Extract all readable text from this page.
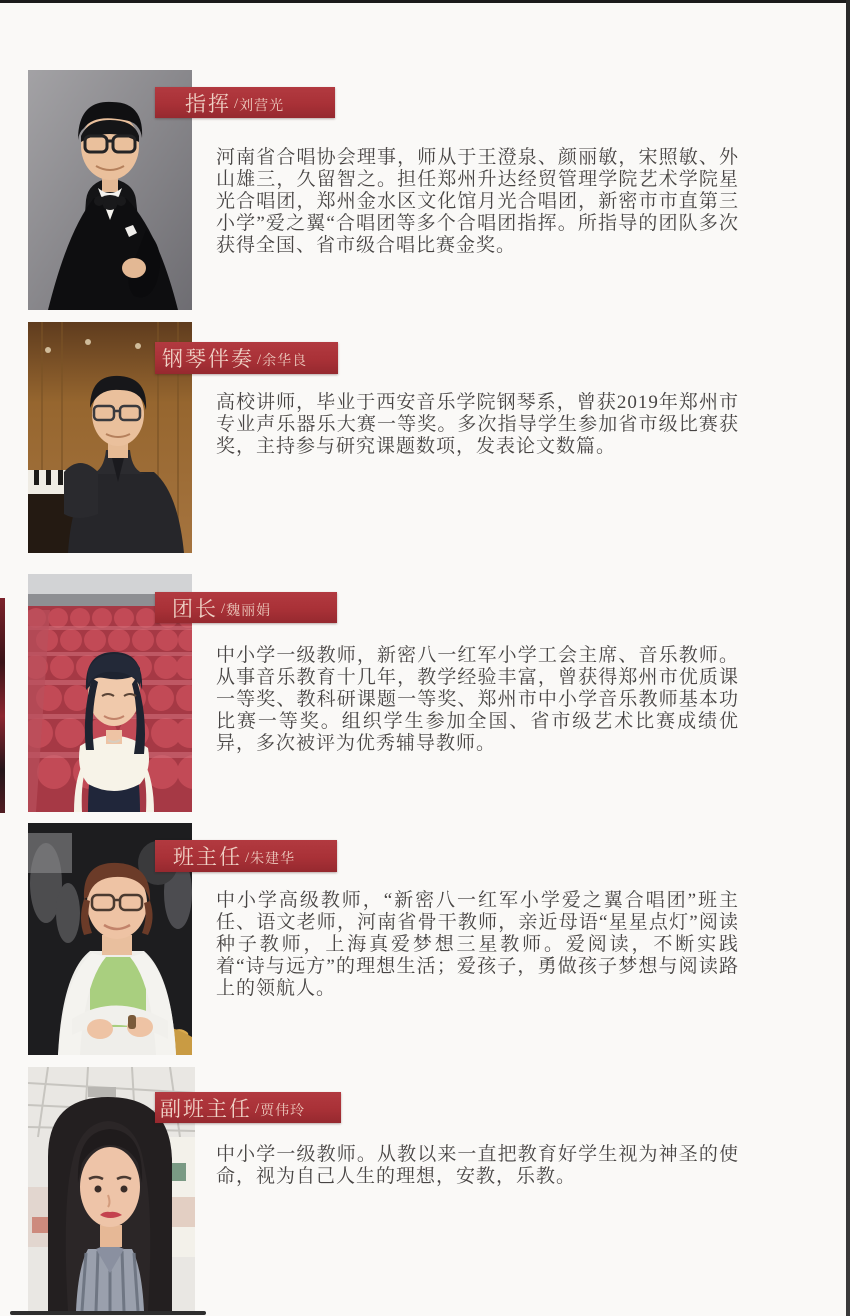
指挥 / 刘营光

河南省合唱协会理事，师从于王澄泉、颜丽敏，宋照敏、外山雄三，久留智之。担任郑州升达经贸管理学院艺术学院星光合唱团，郑州金水区文化馆月光合唱团，新密市市直第三小学”爱之翼“合唱团等多个合唱团指挥。所指导的团队多次获得全国、省市级合唱比赛金奖。

钢琴伴奏 / 余华良

高校讲师，毕业于西安音乐学院钢琴系，曾获2019年郑州市专业声乐器乐大赛一等奖。多次指导学生参加省市级比赛获奖，主持参与研究课题数项，发表论文数篇。

团长 / 魏丽娟

中小学一级教师，新密八一红军小学工会主席、音乐教师。从事音乐教育十几年，教学经验丰富，曾获得郑州市优质课一等奖、教科研课题一等奖、郑州市中小学音乐教师基本功比赛一等奖。组织学生参加全国、省市级艺术比赛成绩优异，多次被评为优秀辅导教师。

班主任 / 朱建华

中小学高级教师，“新密八一红军小学爱之翼合唱团”班主任、语文老师，河南省骨干教师，亲近母语“星星点灯”阅读种子教师，上海真爱梦想三星教师。爱阅读，不断实践着“诗与远方”的理想生活；爱孩子，勇做孩子梦想与阅读路上的领航人。

副班主任 / 贾伟玲

中小学一级教师。从教以来一直把教育好学生视为神圣的使命，视为自己人生的理想，安教，乐教。
